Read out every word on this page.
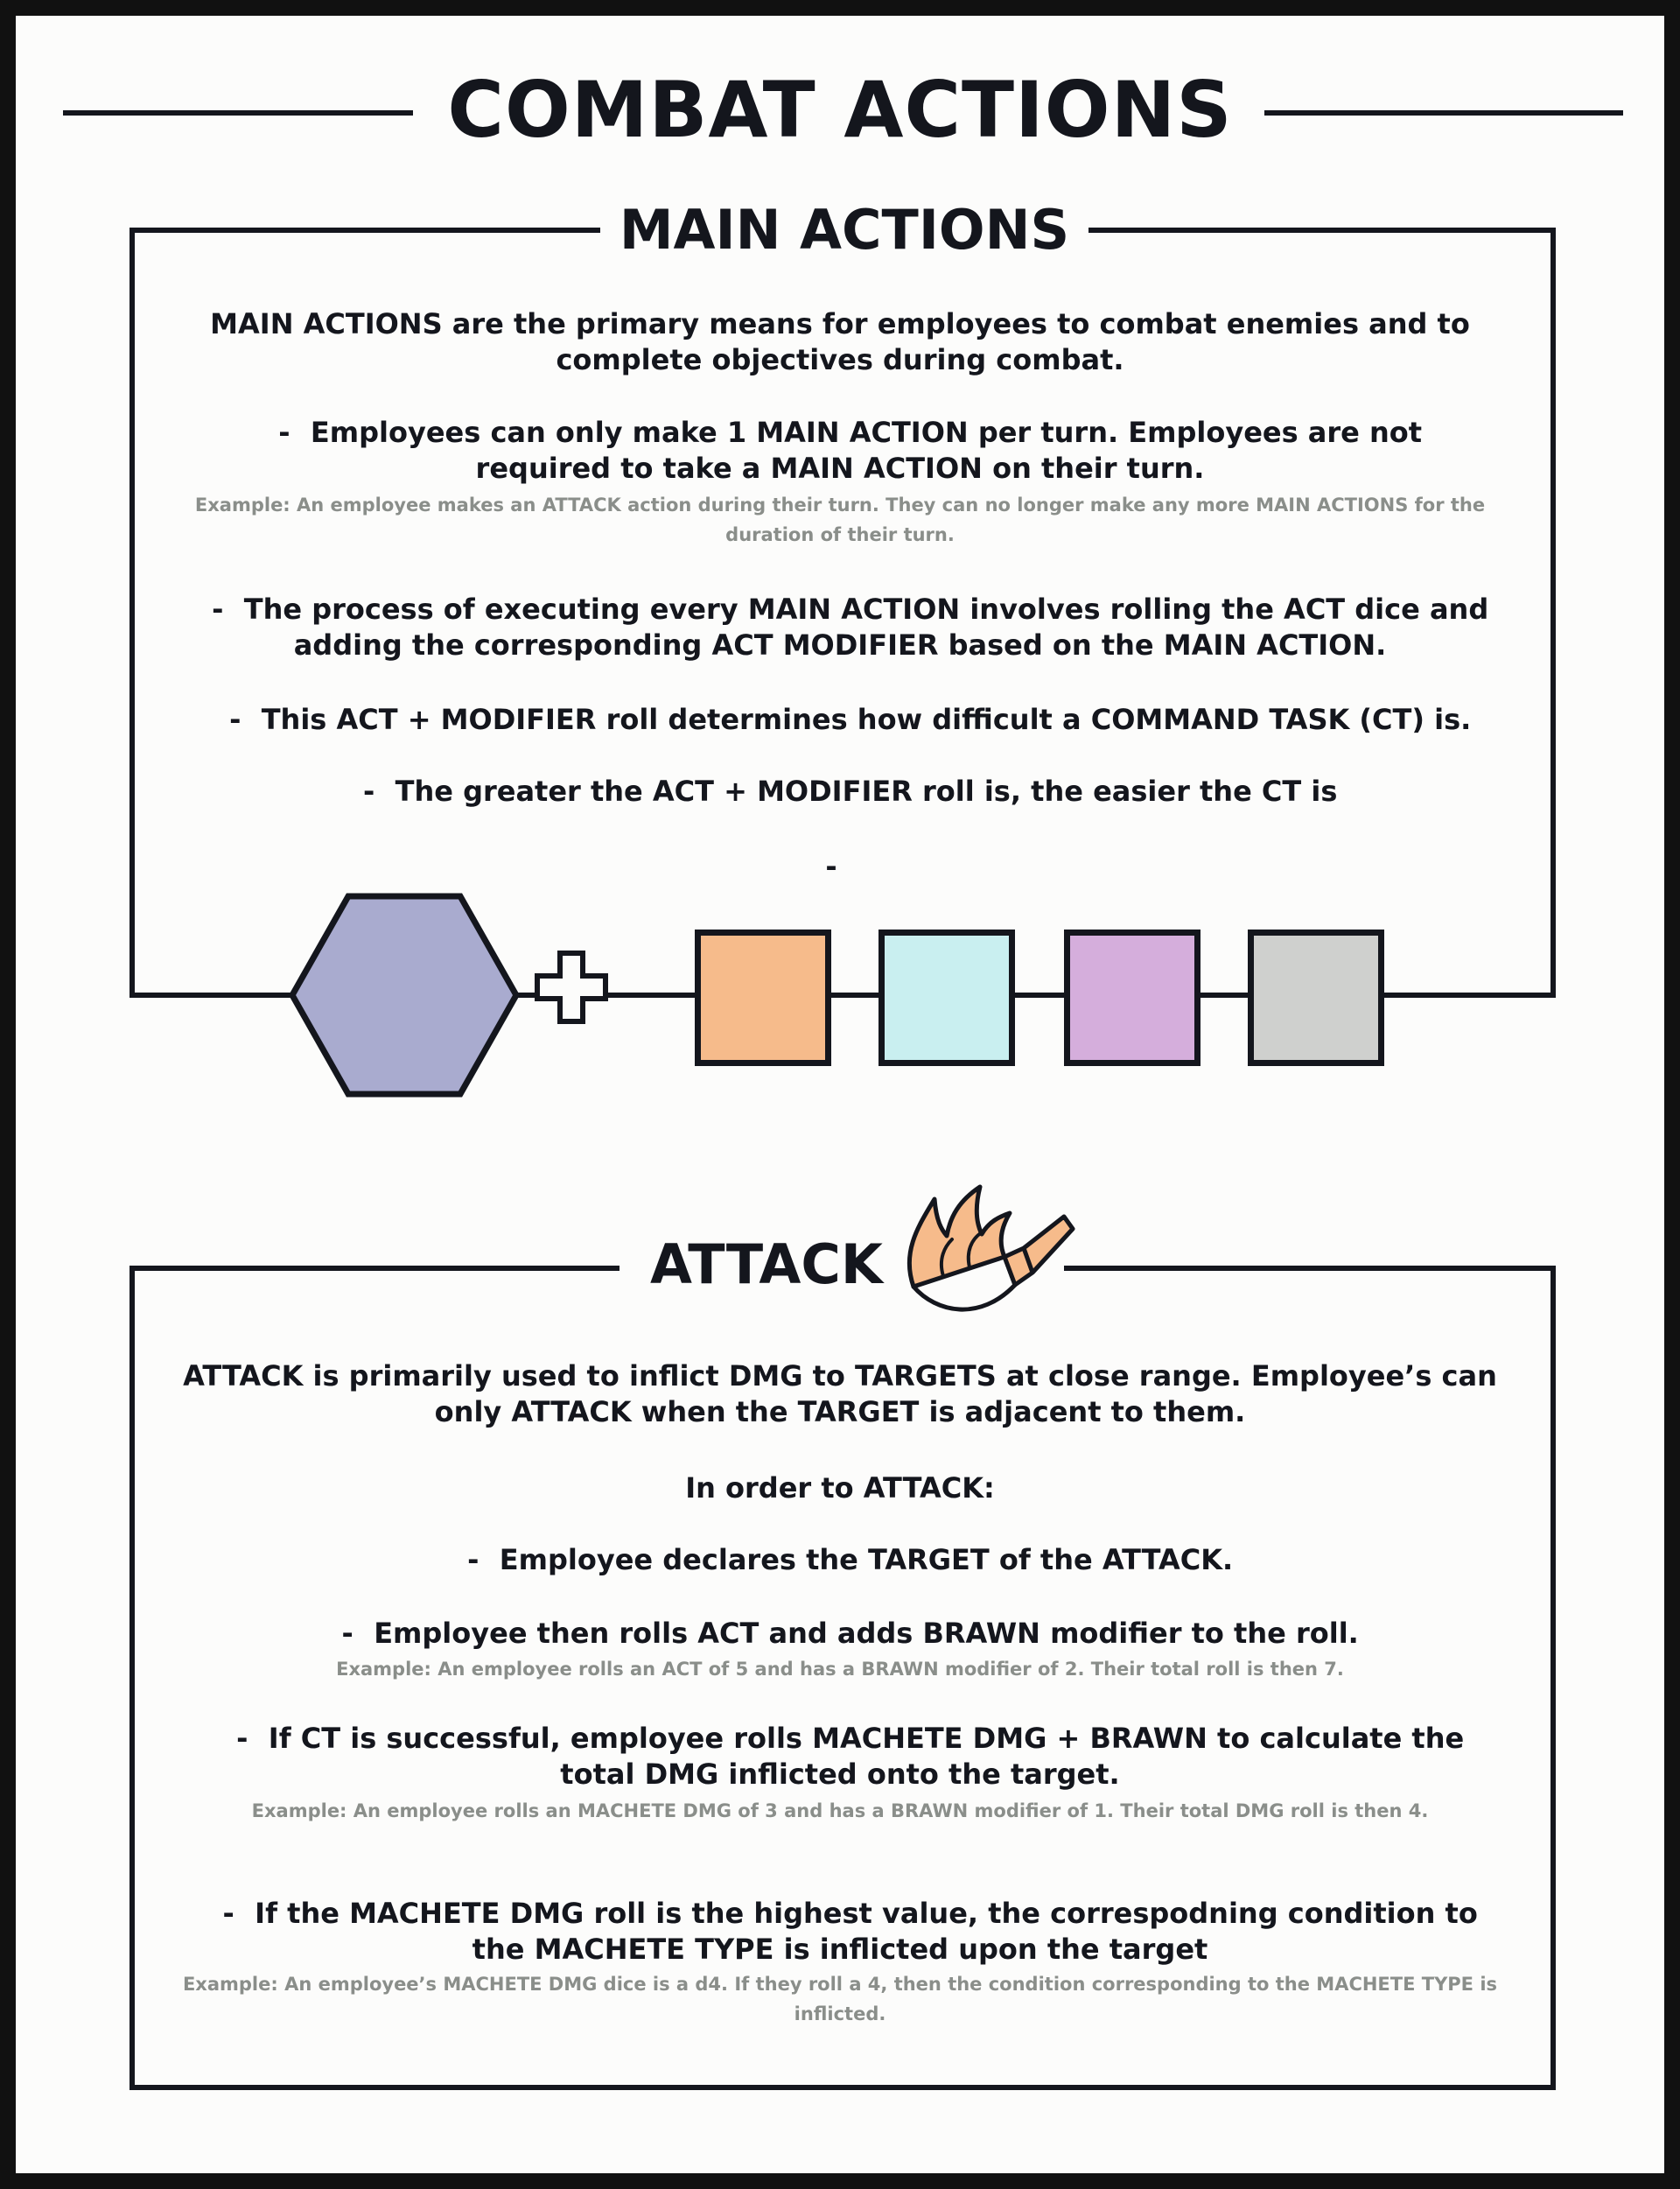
COMBAT ACTIONS
MAIN ACTIONS
MAIN ACTIONS are the primary means for employees to combat enemies and to complete objectives during combat.
- Employees can only make 1 MAIN ACTION per turn. Employees are not required to take a MAIN ACTION on their turn.
Example: An employee makes an ATTACK action during their turn. They can no longer make any more MAIN ACTIONS for the duration of their turn.
- The process of executing every MAIN ACTION involves rolling the ACT dice and adding the corresponding ACT MODIFIER based on the MAIN ACTION.
- This ACT + MODIFIER roll determines how difficult a COMMAND TASK (CT) is.
- The greater the ACT + MODIFIER roll is, the easier the CT is
-
ATTACK
ATTACK is primarily used to inflict DMG to TARGETS at close range. Employee’s can only ATTACK when the TARGET is adjacent to them.
In order to ATTACK:
- Employee declares the TARGET of the ATTACK.
- Employee then rolls ACT and adds BRAWN modifier to the roll.
Example: An employee rolls an ACT of 5 and has a BRAWN modifier of 2. Their total roll is then 7.
- If CT is successful, employee rolls MACHETE DMG + BRAWN to calculate the total DMG inflicted onto the target.
Example: An employee rolls an MACHETE DMG of 3 and has a BRAWN modifier of 1. Their total DMG roll is then 4.
- If the MACHETE DMG roll is the highest value, the correspodning condition to the MACHETE TYPE is inflicted upon the target
Example: An employee’s MACHETE DMG dice is a d4. If they roll a 4, then the condition corresponding to the MACHETE TYPE is inflicted.
